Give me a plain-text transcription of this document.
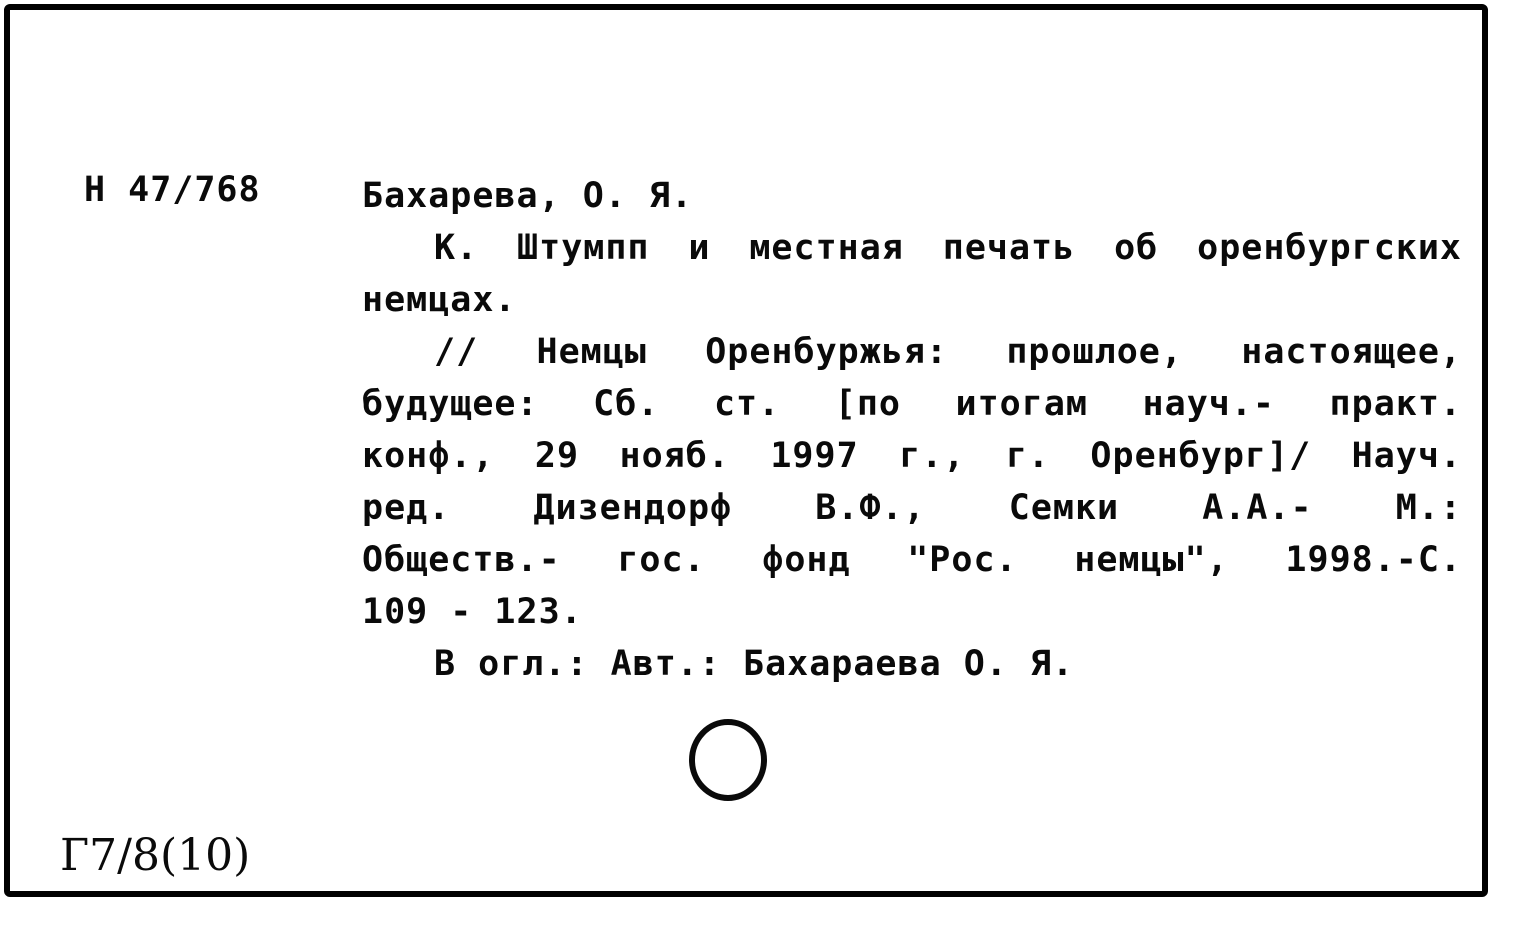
Н 47/768	Бахарева, О. Я.
К. Штумпп и местная печать об оренбургских
немцах.
// Немцы Оренбуржья: прошлое, настоящее,
будущее: Сб. ст. [по итогам науч.- практ.
конф., 29 нояб. 1997 г., г. Оренбург]/ Науч.
ред. Дизендорф В.Ф., Семки А.А.- М.:
Обществ.- гос. фонд "Рос. немцы", 1998.-С.
109 - 123.
В огл.: Авт.: Бахараева О. Я.
Г7/8(10)
